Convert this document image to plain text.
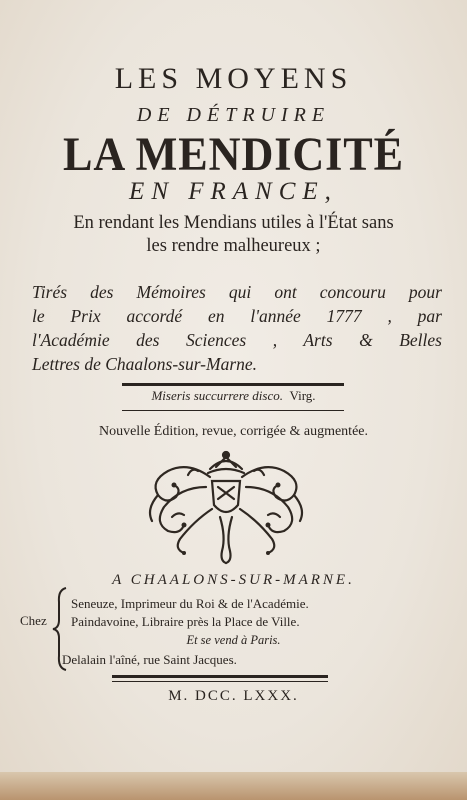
LES MOYENS
DE DÉTRUIRE
LA MENDICITÉ
EN FRANCE,
En rendant les Mendians utiles à l'État sans
les rendre malheureux ;
Tirés des Mémoires qui ont concouru pour
le Prix accordé en l'année 1777 , par
l'Académie des Sciences , Arts & Belles
Lettres de Chaalons-sur-Marne.
Miseris succurrere disco. Virg.
Nouvelle Édition, revue, corrigée & augmentée.
A CHAALONS-SUR-MARNE.
Chez
Seneuze, Imprimeur du Roi & de l'Académie.
Paindavoine, Libraire près la Place de Ville.
Et se vend à Paris.
Delalain l'aîné, rue Saint Jacques.
M. DCC. LXXX.
